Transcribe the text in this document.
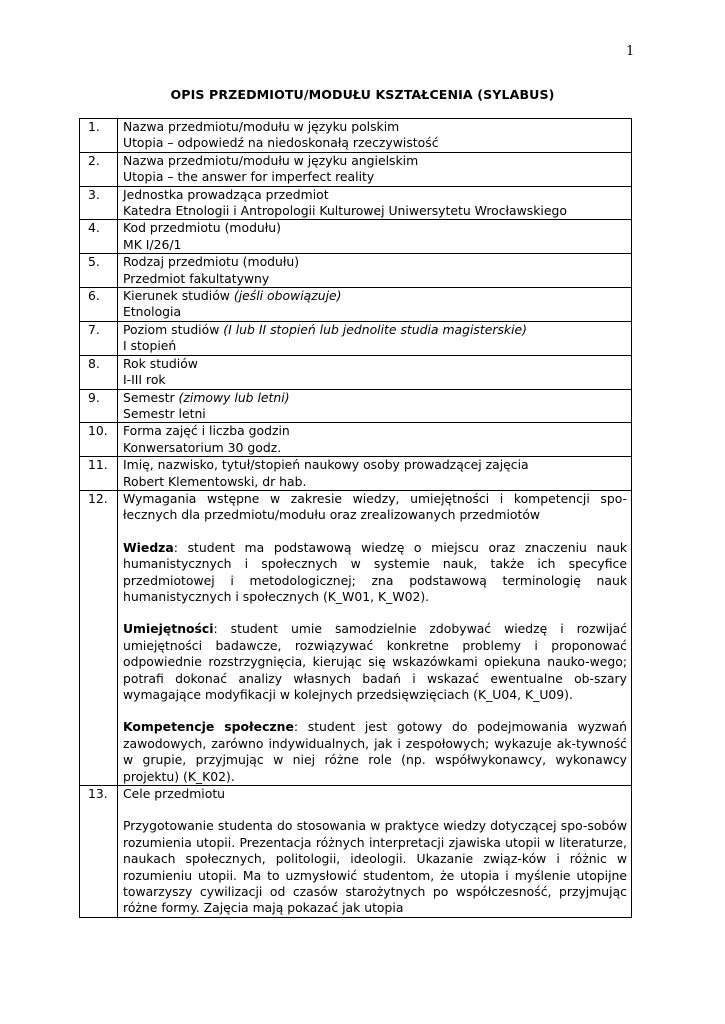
1
OPIS PRZEDMIOTU/MODUŁU KSZTAŁCENIA (SYLABUS)
1.	Nazwa przedmiotu/modułu w języku polskim
Utopia – odpowiedź na niedoskonałą rzeczywistość

2.	Nazwa przedmiotu/modułu w języku angielskim
Utopia – the answer for imperfect reality

3.	Jednostka prowadząca przedmiot
Katedra Etnologii i Antropologii Kulturowej Uniwersytetu Wrocławskiego

4.	Kod przedmiotu (modułu)
MK I/26/1

5.	Rodzaj przedmiotu (modułu)
Przedmiot fakultatywny

6.	Kierunek studiów (jeśli obowiązuje)
Etnologia

7.	Poziom studiów (I lub II stopień lub jednolite studia magisterskie)
I stopień

8.	Rok studiów
I-III rok

9.	Semestr (zimowy lub letni)
Semestr letni

10.	Forma zajęć i liczba godzin
Konwersatorium 30 godz.

11.	Imię, nazwisko, tytuł/stopień naukowy osoby prowadzącej zajęcia
Robert Klementowski, dr hab.

12.	Wymagania wstępne w zakresie wiedzy, umiejętności i kompetencji spo-łecznych dla przedmiotu/modułu oraz zrealizowanych przedmiotów
Wiedza: student ma podstawową wiedzę o miejscu oraz znaczeniu nauk humanistycznych i społecznych w systemie nauk, także ich specyfice przedmiotowej i metodologicznej; zna podstawową terminologię nauk humanistycznych i społecznych (K_W01, K_W02).
Umiejętności: student umie samodzielnie zdobywać wiedzę i rozwijać umiejętności badawcze, rozwiązywać konkretne problemy i proponować odpowiednie rozstrzygnięcia, kierując się wskazówkami opiekuna nauko-wego; potrafi dokonać analizy własnych badań i wskazać ewentualne ob-szary wymagające modyfikacji w kolejnych przedsięwzięciach (K_U04, K_U09).
Kompetencje społeczne: student jest gotowy do podejmowania wyzwań zawodowych, zarówno indywidualnych, jak i zespołowych; wykazuje ak-tywność w grupie, przyjmując w niej różne role (np. współwykonawcy, wykonawcy projektu) (K_K02).

13.	Cele przedmiotu
Przygotowanie studenta do stosowania w praktyce wiedzy dotyczącej spo-sobów rozumienia utopii. Prezentacja różnych interpretacji zjawiska utopii w literaturze, naukach społecznych, politologii, ideologii. Ukazanie związ-ków i różnic w rozumieniu utopii. Ma to uzmysłowić studentom, że utopia i myślenie utopijne towarzyszy cywilizacji od czasów starożytnych po współczesność, przyjmując różne formy. Zajęcia mają pokazać jak utopia
